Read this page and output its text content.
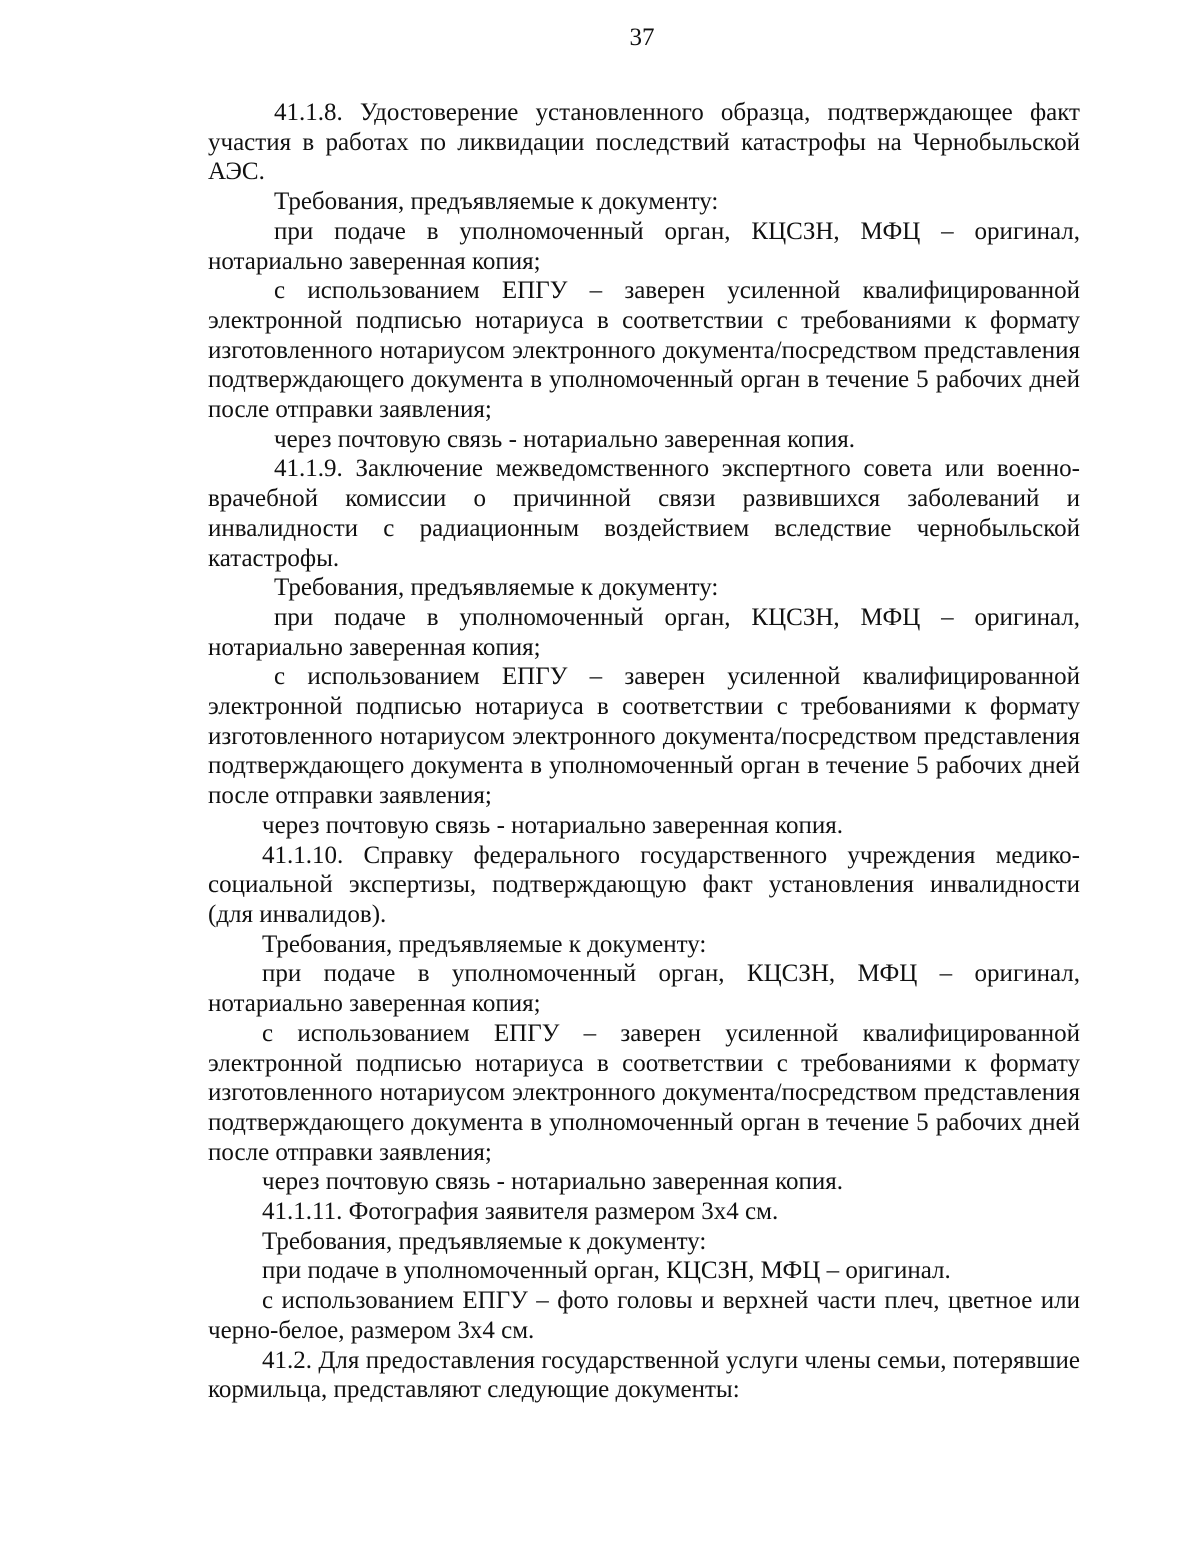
37

41.1.8. Удостоверение установленного образца, подтверждающее факт участия в работах по ликвидации последствий катастрофы на Чернобыльской АЭС.

Требования, предъявляемые к документу:

при подаче в уполномоченный орган, КЦСЗН, МФЦ – оригинал, нотариально заверенная копия;

с использованием ЕПГУ – заверен усиленной квалифицированной электронной подписью нотариуса в соответствии с требованиями к формату изготовленного нотариусом электронного документа/посредством представления подтверждающего документа в уполномоченный орган в течение 5 рабочих дней после отправки заявления;

через почтовую связь - нотариально заверенная копия.

41.1.9. Заключение межведомственного экспертного совета или военно-врачебной комиссии о причинной связи развившихся заболеваний и инвалидности с радиационным воздействием вследствие чернобыльской катастрофы.

Требования, предъявляемые к документу:

при подаче в уполномоченный орган, КЦСЗН, МФЦ – оригинал, нотариально заверенная копия;

с использованием ЕПГУ – заверен усиленной квалифицированной электронной подписью нотариуса в соответствии с требованиями к формату изготовленного нотариусом электронного документа/посредством представления подтверждающего документа в уполномоченный орган в течение 5 рабочих дней после отправки заявления;

через почтовую связь - нотариально заверенная копия.

41.1.10. Справку федерального государственного учреждения медико-социальной экспертизы, подтверждающую факт установления инвалидности (для инвалидов).

Требования, предъявляемые к документу:

при подаче в уполномоченный орган, КЦСЗН, МФЦ – оригинал, нотариально заверенная копия;

с использованием ЕПГУ – заверен усиленной квалифицированной электронной подписью нотариуса в соответствии с требованиями к формату изготовленного нотариусом электронного документа/посредством представления подтверждающего документа в уполномоченный орган в течение 5 рабочих дней после отправки заявления;

через почтовую связь - нотариально заверенная копия.

41.1.11. Фотография заявителя размером 3х4 см.

Требования, предъявляемые к документу:

при подаче в уполномоченный орган, КЦСЗН, МФЦ – оригинал.

с использованием ЕПГУ – фото головы и верхней части плеч, цветное или черно-белое, размером 3х4 см.

41.2. Для предоставления государственной услуги члены семьи, потерявшие кормильца, представляют следующие документы:
